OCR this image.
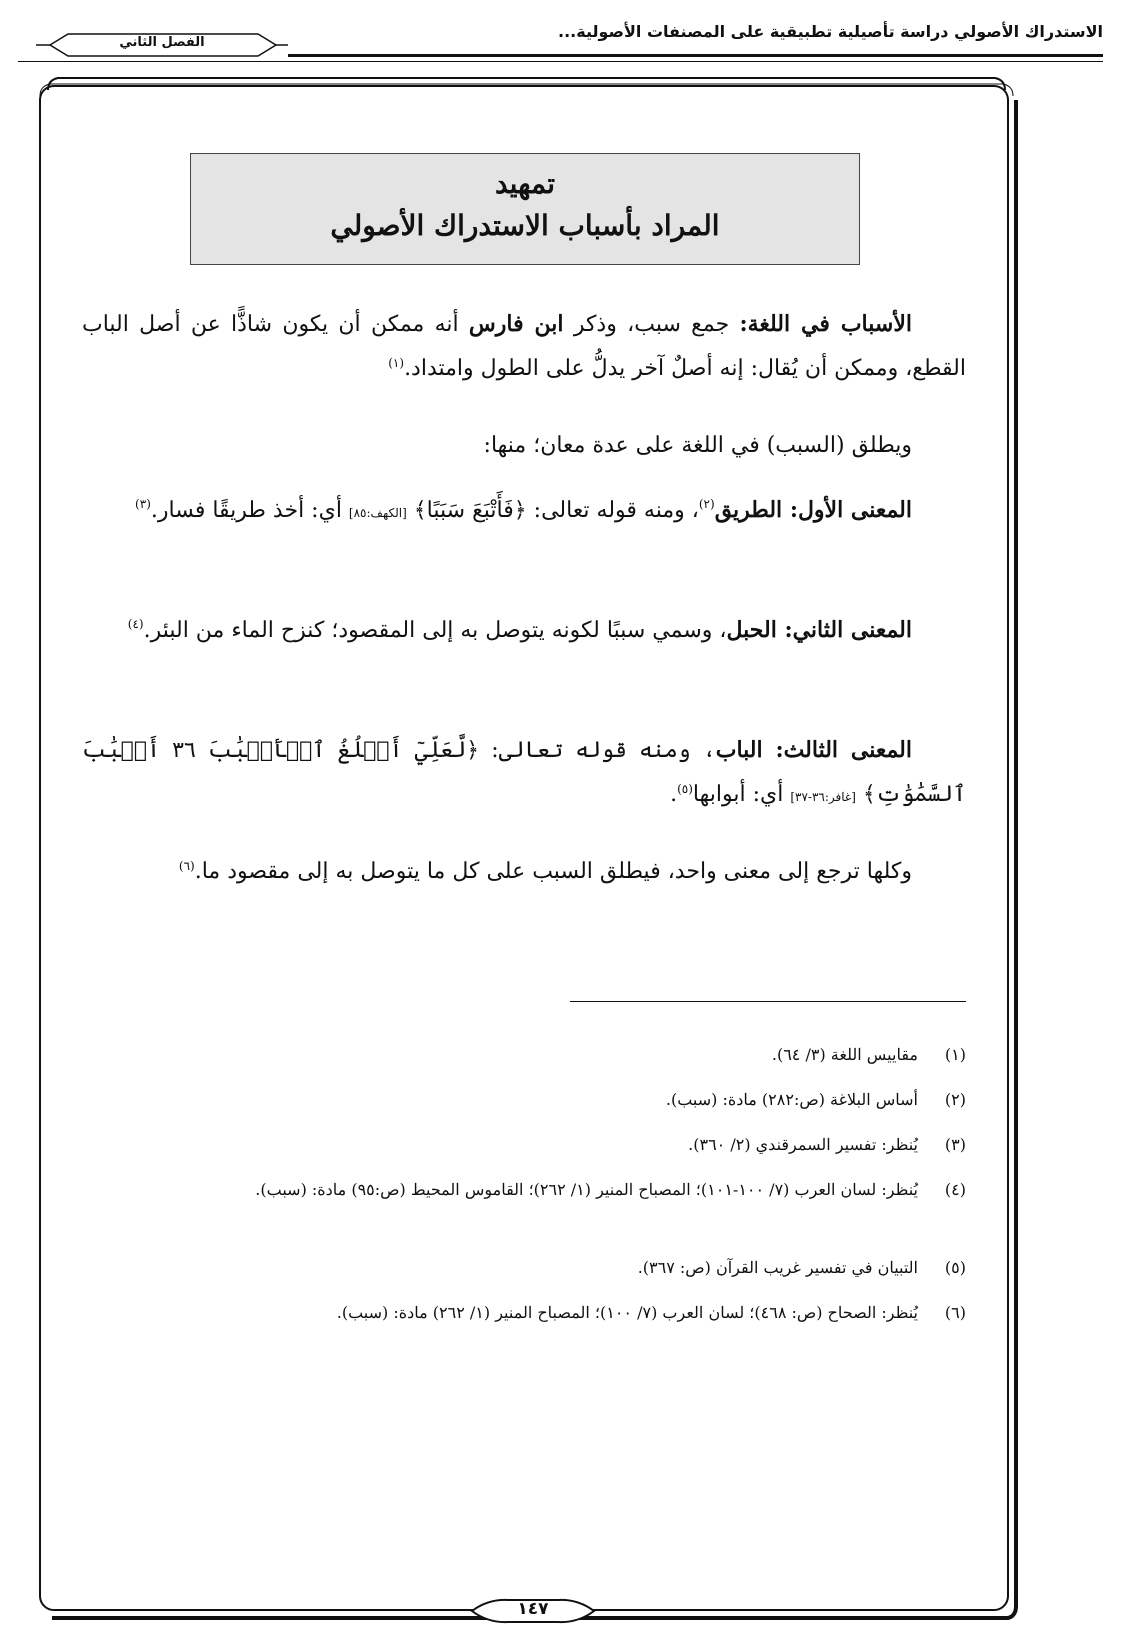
الاستدراك الأصولي دراسة تأصيلية تطبيقية على المصنفات الأصولية...
الفصل الثاني
تمهيد
المراد بأسباب الاستدراك الأصولي
الأسباب في اللغة: جمع سبب، وذكر ابن فارس أنه ممكن أن يكون شاذًّا عن أصل الباب القطع، وممكن أن يُقال: إنه أصلٌ آخر يدلُّ على الطول وامتداد.$^{(١)}$
ويطلق (السبب) في اللغة على عدة معان؛ منها:
المعنى الأول: الطريق$^{(٢)}$، ومنه قوله تعالى: ﴿فَأَتْبَعَ سَبَبًا﴾ [الكهف:٨٥] أي: أخذ طريقًا فسار.$^{(٣)}$
المعنى الثاني: الحبل، وسمي سببًا لكونه يتوصل به إلى المقصود؛ كنزح الماء من البئر.$^{(٤)}$
المعنى الثالث: الباب، ومنه قوله تعالى: ﴿لَّعَلِّيٓ أَبۡلُغُ ٱلۡأَسۡبَٰبَ ٣٦ أَسۡبَٰبَ ٱلسَّمَٰوَٰتِ﴾ [غافر:٣٦-٣٧] أي: أبوابها$^{(٥)}$.
وكلها ترجع إلى معنى واحد، فيطلق السبب على كل ما يتوصل به إلى مقصود ما.$^{(٦)}$
(١)مقاييس اللغة (٣/ ٦٤).
(٢)أساس البلاغة (ص:٢٨٢) مادة: (سبب).
(٣)يُنظر: تفسير السمرقندي (٢/ ٣٦٠).
(٤)يُنظر: لسان العرب (٧/ ١٠٠-١٠١)؛ المصباح المنير (١/ ٢٦٢)؛ القاموس المحيط (ص:٩٥) مادة: (سبب).
(٥)التبيان في تفسير غريب القرآن (ص: ٣٦٧).
(٦)يُنظر: الصحاح (ص: ٤٦٨)؛ لسان العرب (٧/ ١٠٠)؛ المصباح المنير (١/ ٢٦٢) مادة: (سبب).
١٤٧
